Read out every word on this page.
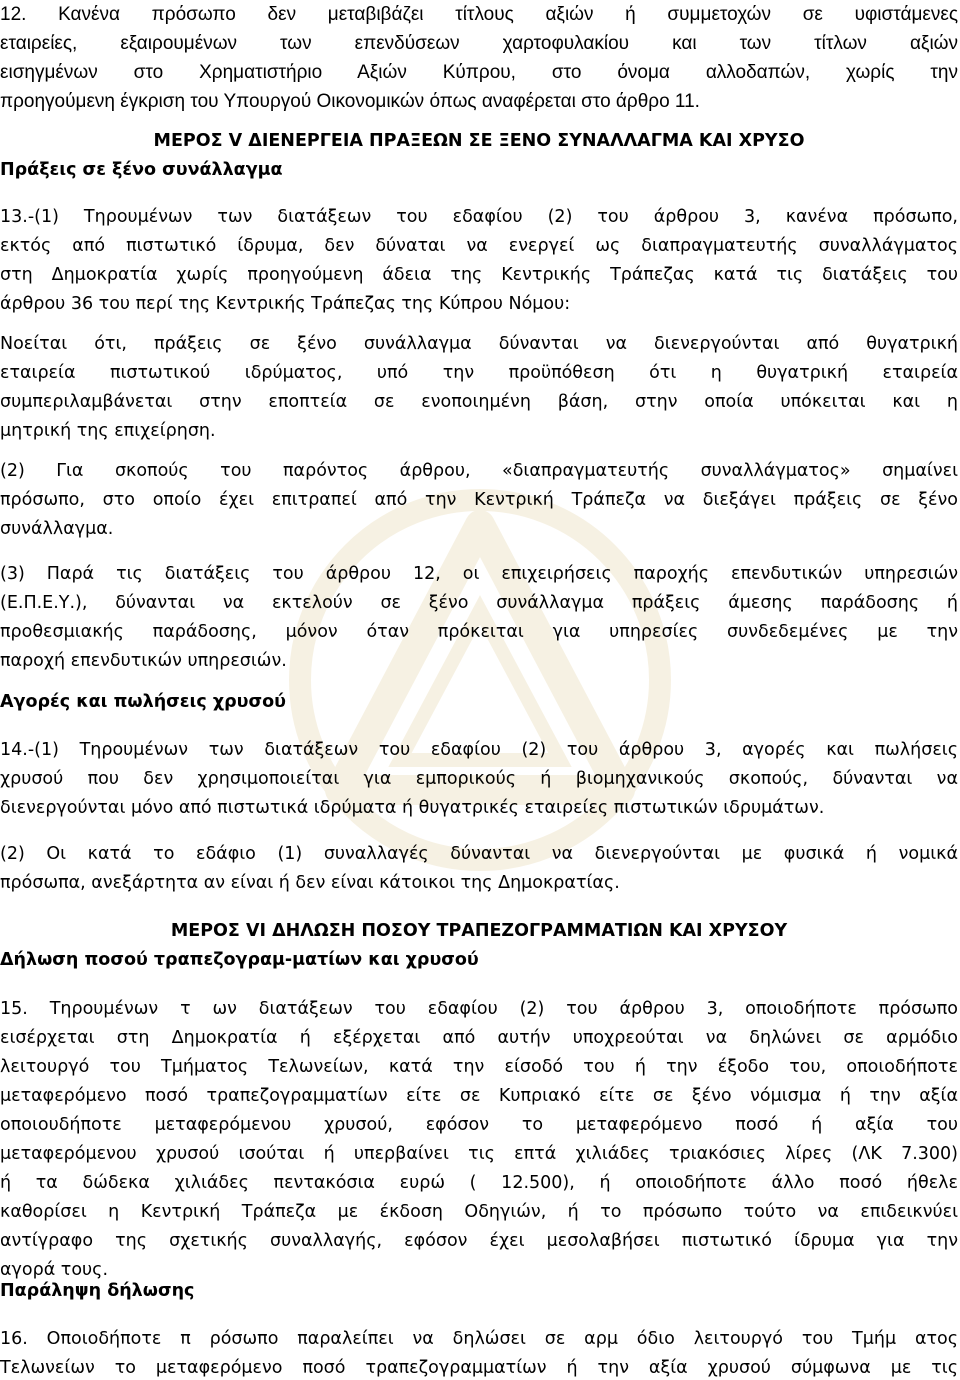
12. Κανένα πρόσωπο δεν μεταβιβάζει τίτλους αξιών ή συμμετοχών σε υφιστάμενες
εταιρείες, εξαιρουμένων των επενδύσεων χαρτοφυλακίου και των τίτλων αξιών
εισηγμένων στο Χρηματιστήριο Αξιών Κύπρου, στο όνομα αλλοδαπών, χωρίς την
προηγούμενη έγκριση του Υπουργού Οικονομικών όπως αναφέρεται στο άρθρο 11.
ΜΕΡΟΣ V ΔΙΕΝΕΡΓΕΙΑ ΠΡΑΞΕΩΝ ΣΕ ΞΕΝΟ ΣΥΝΑΛΛΑΓΜΑ ΚΑΙ ΧΡΥΣΟ
Πράξεις σε ξένο συνάλλαγμα
13.-(1) Τηρουμένων των διατάξεων του εδαφίου (2) του άρθρου 3, κανένα πρόσωπο,
εκτός από πιστωτικό ίδρυμα, δεν δύναται να ενεργεί ως διαπραγματευτής συναλλάγματος
στη Δημοκρατία χωρίς προηγούμενη άδεια της Κεντρικής Τράπεζας κατά τις διατάξεις του
άρθρου 36 του περί της Κεντρικής Τράπεζας της Κύπρου Νόμου:
Νοείται ότι, πράξεις σε ξένο συνάλλαγμα δύνανται να διενεργούνται από θυγατρική
εταιρεία πιστωτικού ιδρύματος, υπό την προϋπόθεση ότι η θυγατρική εταιρεία
συμπεριλαμβάνεται στην εποπτεία σε ενοποιημένη βάση, στην οποία υπόκειται και η
μητρική της επιχείρηση.
(2) Για σκοπούς του παρόντος άρθρου, «διαπραγματευτής συναλλάγματος» σημαίνει
πρόσωπο, στο οποίο έχει επιτραπεί από την Κεντρική Τράπεζα να διεξάγει πράξεις σε ξένο
συνάλλαγμα.
(3) Παρά τις διατάξεις του άρθρου 12, οι επιχειρήσεις παροχής επενδυτικών υπηρεσιών
(Ε.Π.Ε.Υ.), δύνανται να εκτελούν σε ξένο συνάλλαγμα πράξεις άμεσης παράδοσης ή
προθεσμιακής παράδοσης, μόνον όταν πρόκειται για υπηρεσίες συνδεδεμένες με την
παροχή επενδυτικών υπηρεσιών.
Αγορές και πωλήσεις χρυσού
14.-(1) Τηρουμένων των διατάξεων του εδαφίου (2) του άρθρου 3, αγορές και πωλήσεις
χρυσού που δεν χρησιμοποιείται για εμπορικούς ή βιομηχανικούς σκοπούς, δύνανται να
διενεργούνται μόνο από πιστωτικά ιδρύματα ή θυγατρικές εταιρείες πιστωτικών ιδρυμάτων.
(2) Οι κατά το εδάφιο (1) συναλλαγές δύνανται να διενεργούνται με φυσικά ή νομικά
πρόσωπα, ανεξάρτητα αν είναι ή δεν είναι κάτοικοι της Δημοκρατίας.
ΜΕΡΟΣ VI ΔΗΛΩΣΗ ΠΟΣΟΥ ΤΡΑΠΕΖΟΓΡΑΜΜΑΤΙΩΝ ΚΑΙ ΧΡΥΣΟΥ
Δήλωση ποσού τραπεζογραμ-ματίων και χρυσού
15. Τηρουμένων τ ων διατάξεων του εδαφίου (2) του άρθρου 3, οποιοδήποτε πρόσωπο
εισέρχεται στη Δημοκρατία ή εξέρχεται από αυτήν υποχρεούται να δηλώνει σε αρμόδιο
λειτουργό του Τμήματος Τελωνείων, κατά την είσοδό του ή την έξοδο του, οποιοδήποτε
μεταφερόμενο ποσό τραπεζογραμματίων είτε σε Κυπριακό είτε σε ξένο νόμισμα ή την αξία
οποιουδήποτε μεταφερόμενου χρυσού, εφόσον το μεταφερόμενο ποσό ή αξία του
μεταφερόμενου χρυσού ισούται ή υπερβαίνει τις επτά χιλιάδες τριακόσιες λίρες (ΛΚ 7.300)
ή τα δώδεκα χιλιάδες πεντακόσια ευρώ ( 12.500), ή οποιοδήποτε άλλο ποσό ήθελε
καθορίσει η Κεντρική Τράπεζα με έκδοση Οδηγιών, ή το πρόσωπο τούτο να επιδεικνύει
αντίγραφο της σχετικής συναλλαγής, εφόσον έχει μεσολαβήσει πιστωτικό ίδρυμα για την
αγορά τους.
Παράληψη δήλωσης
16. Οποιοδήποτε π ρόσωπο παραλείπει να δηλώσει σε αρμ όδιο λειτουργό του Τμήμ ατος
Τελωνείων το μεταφερόμενο ποσό τραπεζογραμματίων ή την αξία χρυσού σύμφωνα με τις
